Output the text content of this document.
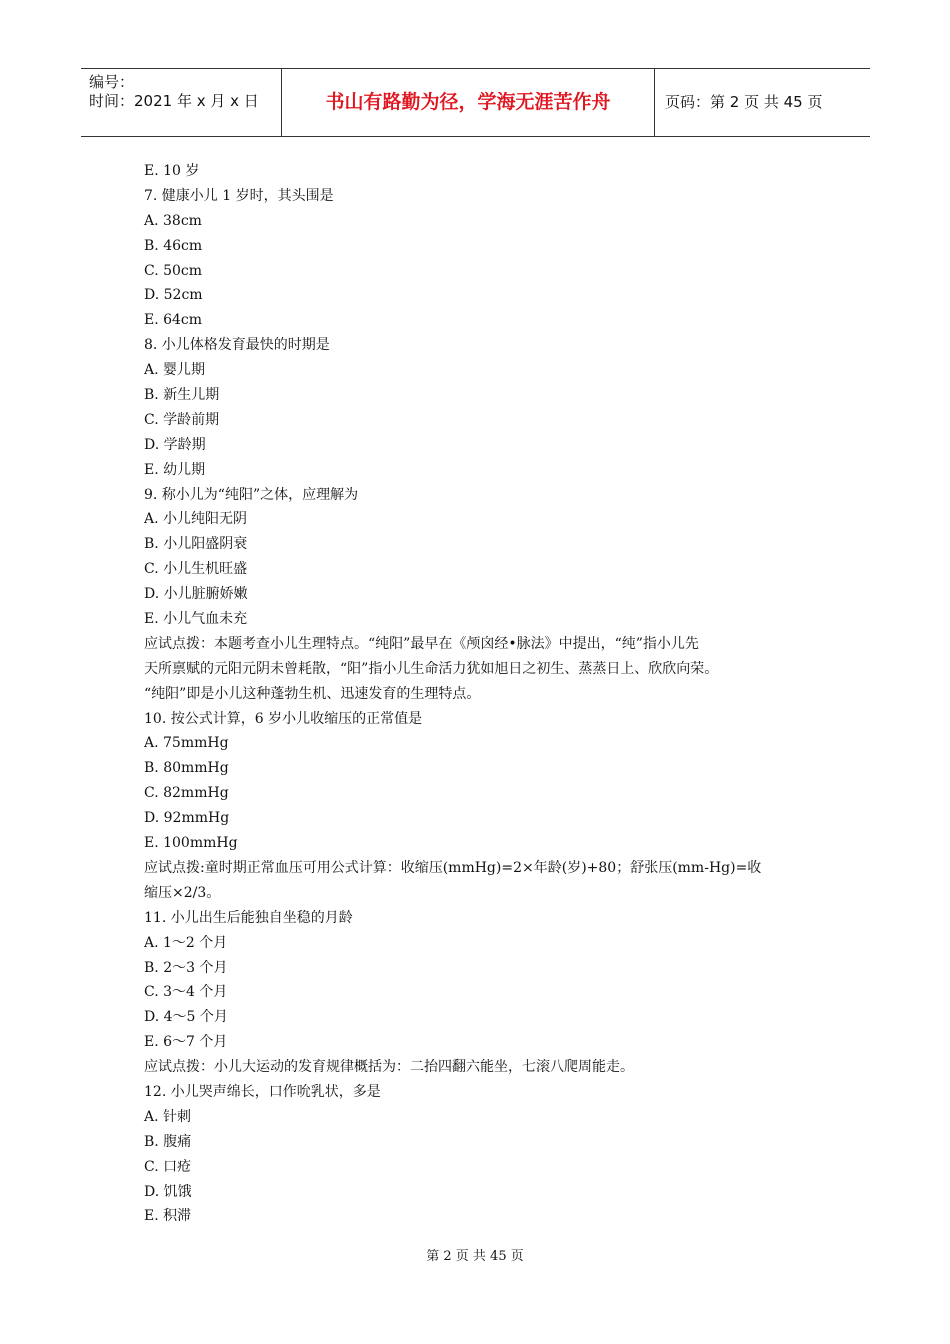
编号：
时间：2021 年 x 月 x 日	书山有路勤为径，学海无涯苦作舟	页码：第 2 页 共 45 页
E. 10 岁
7. 健康小儿 1 岁时，其头围是
A. 38cm
B. 46cm
C. 50cm
D. 52cm
E. 64cm
8. 小儿体格发育最快的时期是
A. 婴儿期
B. 新生儿期
C. 学龄前期
D. 学龄期
E. 幼儿期
9. 称小儿为“纯阳”之体，应理解为
A. 小儿纯阳无阴
B. 小儿阳盛阴衰
C. 小儿生机旺盛
D. 小儿脏腑娇嫩
E. 小儿气血未充
应试点拨：本题考查小儿生理特点。“纯阳”最早在《颅囟经•脉法》中提出，“纯”指小儿先
天所禀赋的元阳元阴未曾耗散，“阳”指小儿生命活力犹如旭日之初生、蒸蒸日上、欣欣向荣。
“纯阳”即是小儿这种蓬勃生机、迅速发育的生理特点。
10. 按公式计算，6 岁小儿收缩压的正常值是
A. 75mmHg
B. 80mmHg
C. 82mmHg
D. 92mmHg
E. 100mmHg
应试点拨:童时期正常血压可用公式计算：收缩压(mmHg)=2×年龄(岁)+80；舒张压(mm-Hg)=收
缩压×2/3。
11. 小儿出生后能独自坐稳的月龄
A. 1～2 个月
B. 2～3 个月
C. 3～4 个月
D. 4～5 个月
E. 6～7 个月
应试点拨：小儿大运动的发育规律概括为：二抬四翻六能坐，七滚八爬周能走。
12. 小儿哭声绵长，口作吮乳状，多是
A. 针刺
B. 腹痛
C. 口疮
D. 饥饿
E. 积滞
第 2 页 共 45 页
